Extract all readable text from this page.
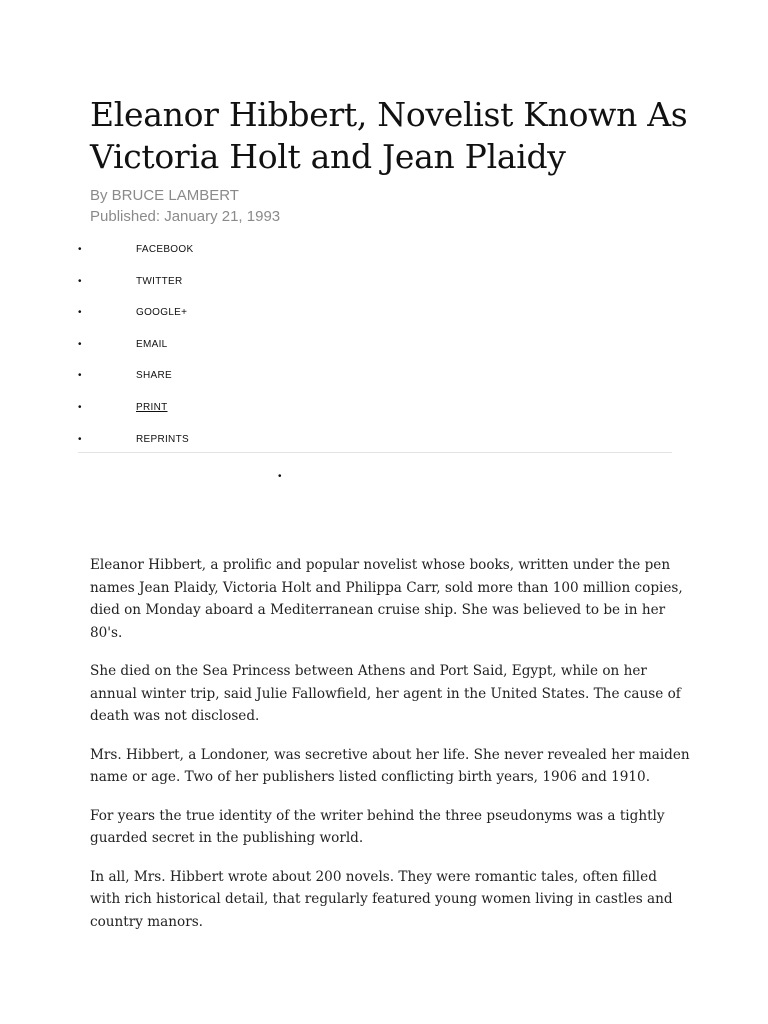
Eleanor Hibbert, Novelist Known As Victoria Holt and Jean Plaidy
By BRUCE LAMBERT
Published: January 21, 1993
•	FACEBOOK
•	TWITTER
•	GOOGLE+
•	EMAIL
•	SHARE
•	PRINT
•	REPRINTS
•

Eleanor Hibbert, a prolific and popular novelist whose books, written under the pen names Jean Plaidy, Victoria Holt and Philippa Carr, sold more than 100 million copies, died on Monday aboard a Mediterranean cruise ship. She was believed to be in her 80's.

She died on the Sea Princess between Athens and Port Said, Egypt, while on her annual winter trip, said Julie Fallowfield, her agent in the United States. The cause of death was not disclosed.

Mrs. Hibbert, a Londoner, was secretive about her life. She never revealed her maiden name or age. Two of her publishers listed conflicting birth years, 1906 and 1910.

For years the true identity of the writer behind the three pseudonyms was a tightly guarded secret in the publishing world.

In all, Mrs. Hibbert wrote about 200 novels. They were romantic tales, often filled with rich historical detail, that regularly featured young women living in castles and country manors.
